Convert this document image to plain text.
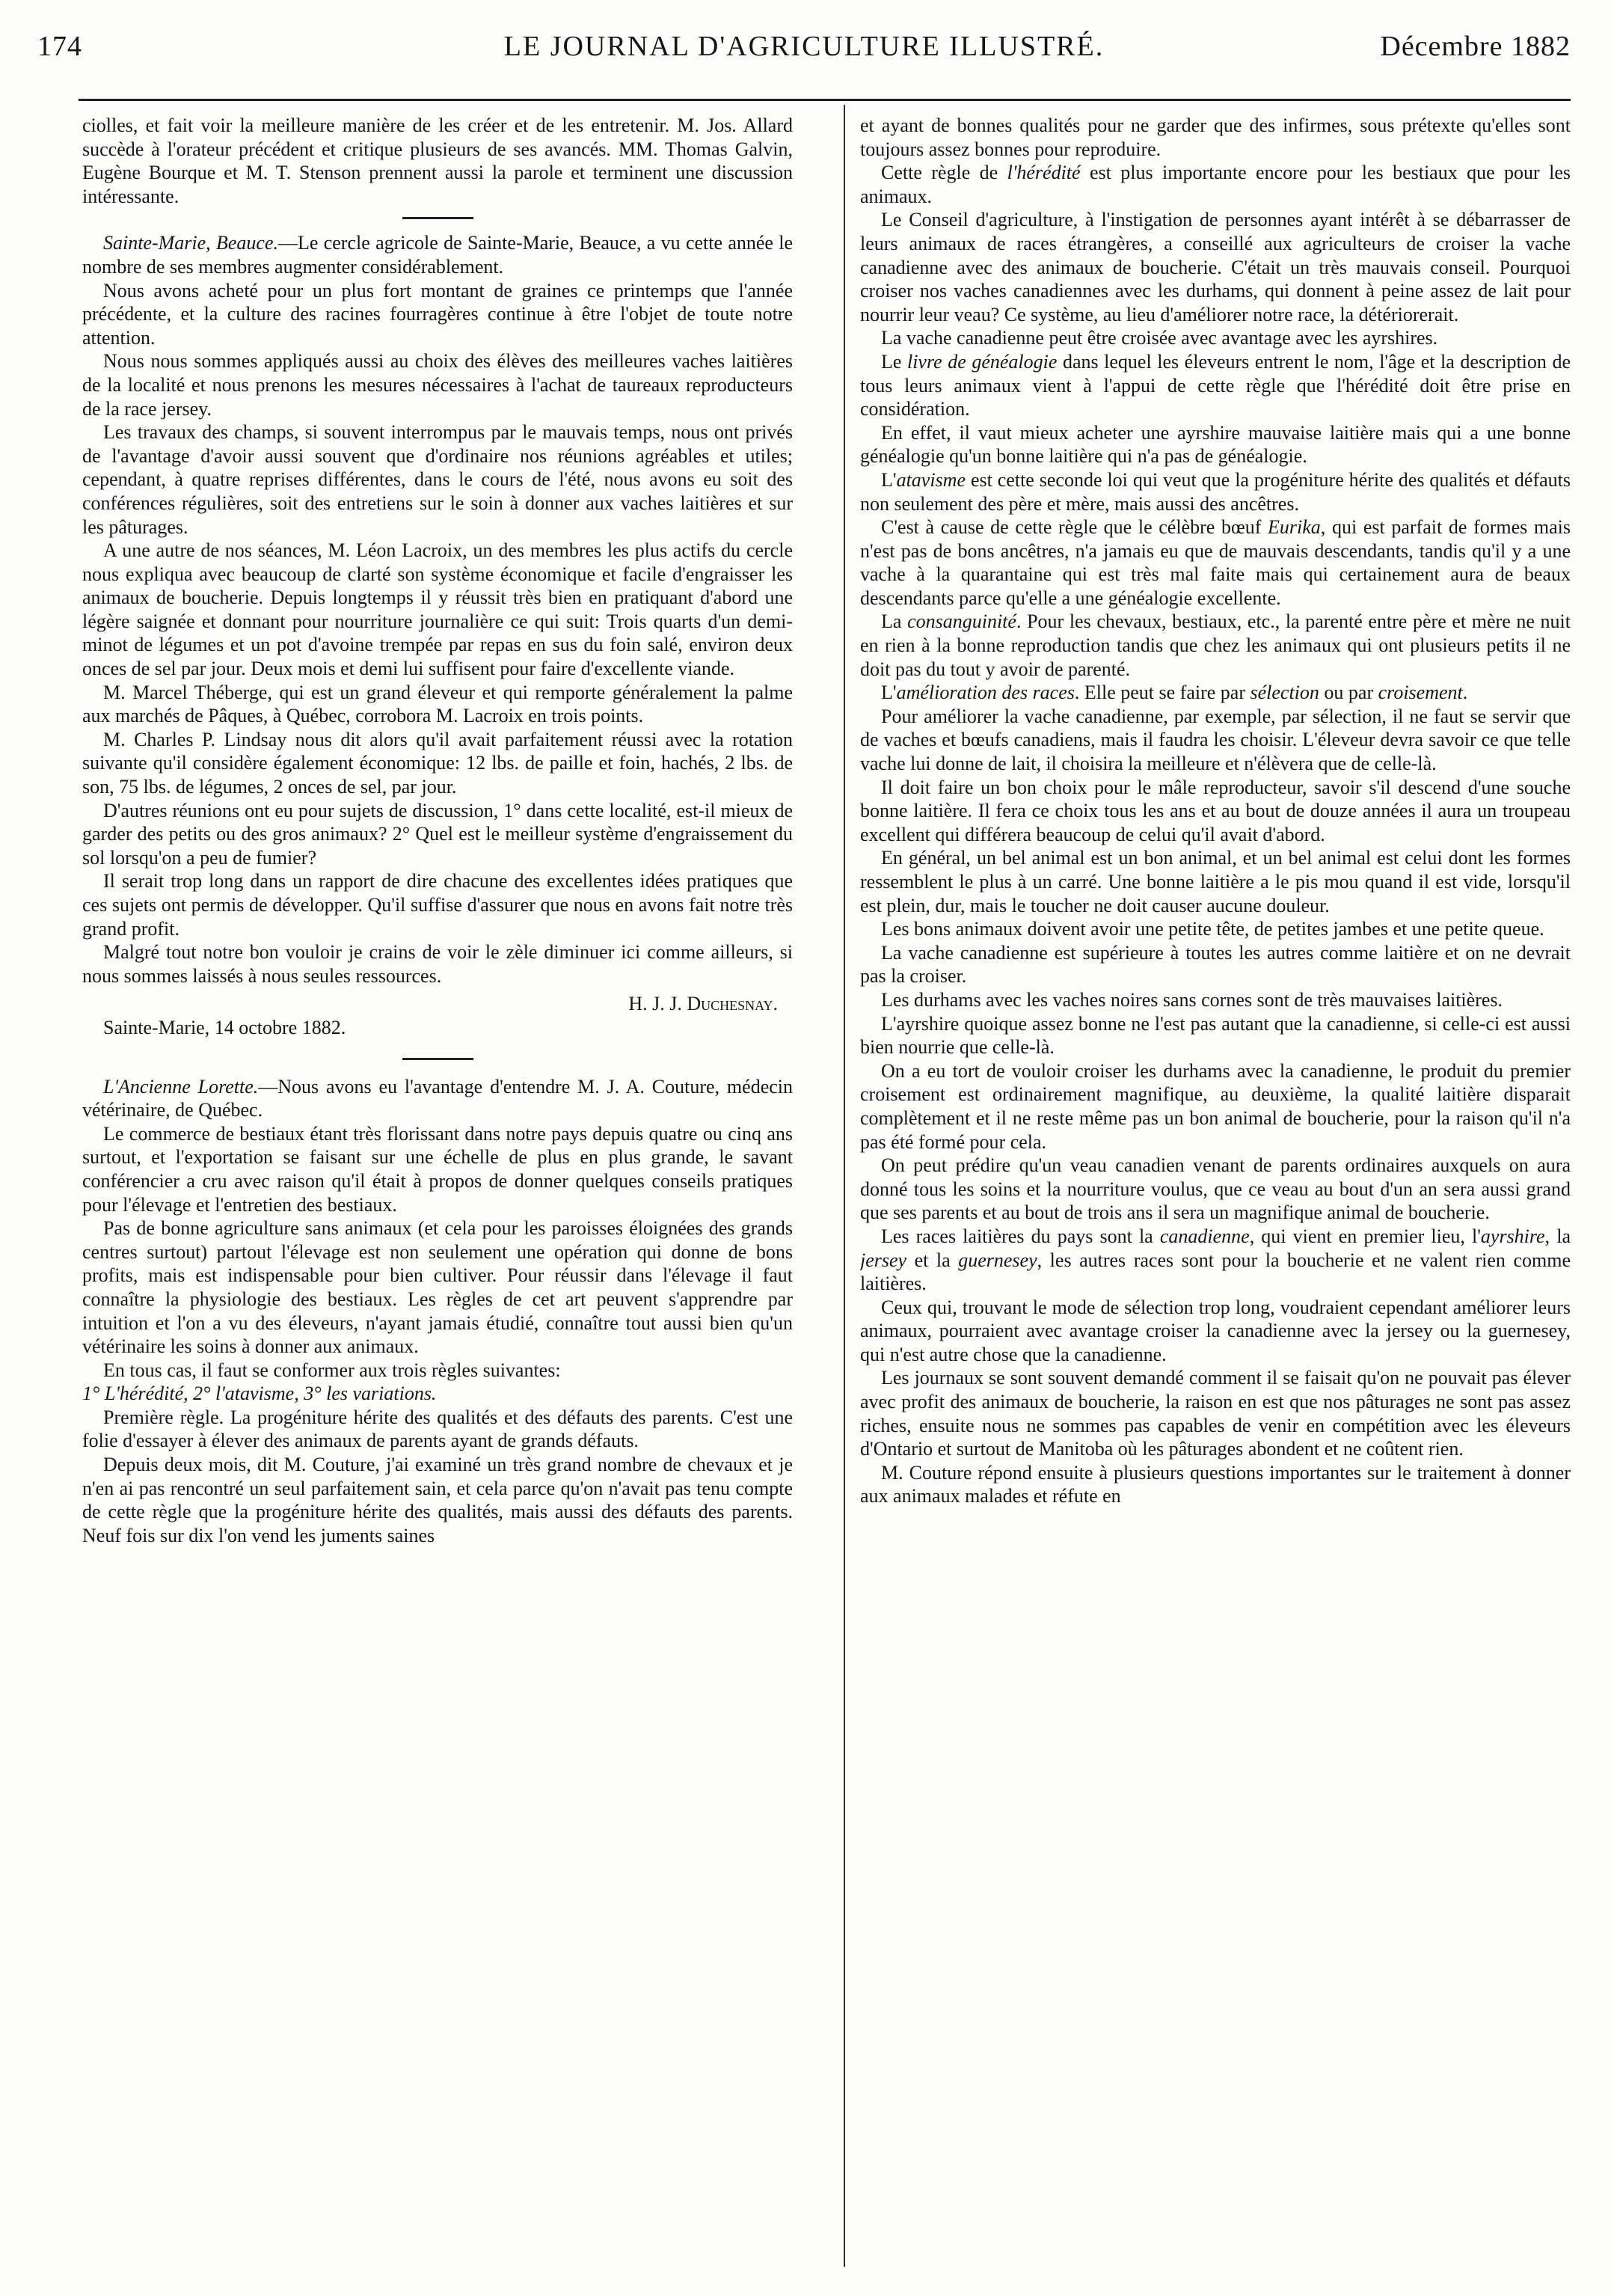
174	LE JOURNAL D'AGRICULTURE ILLUSTRÉ.	Décembre 1882

ciolles, et fait voir la meilleure manière de les créer et de les entretenir. M. Jos. Allard succède à l'orateur précédent et critique plusieurs de ses avancés. MM. Thomas Galvin, Eugène Bourque et M. T. Stenson prennent aussi la parole et terminent une discussion intéressante.

Sainte-Marie, Beauce.—Le cercle agricole de Sainte-Marie, Beauce, a vu cette année le nombre de ses membres augmenter considérablement.

Nous avons acheté pour un plus fort montant de graines ce printemps que l'année précédente, et la culture des racines fourragères continue à être l'objet de toute notre attention.

Nous nous sommes appliqués aussi au choix des élèves des meilleures vaches laitières de la localité et nous prenons les mesures nécessaires à l'achat de taureaux reproducteurs de la race jersey.

Les travaux des champs, si souvent interrompus par le mauvais temps, nous ont privés de l'avantage d'avoir aussi souvent que d'ordinaire nos réunions agréables et utiles; cependant, à quatre reprises différentes, dans le cours de l'été, nous avons eu soit des conférences régulières, soit des entretiens sur le soin à donner aux vaches laitières et sur les pâturages.

A une autre de nos séances, M. Léon Lacroix, un des membres les plus actifs du cercle nous expliqua avec beaucoup de clarté son système économique et facile d'engraisser les animaux de boucherie. Depuis longtemps il y réussit très bien en pratiquant d'abord une légère saignée et donnant pour nourriture journalière ce qui suit: Trois quarts d'un demi-minot de légumes et un pot d'avoine trempée par repas en sus du foin salé, environ deux onces de sel par jour. Deux mois et demi lui suffisent pour faire d'excellente viande.

M. Marcel Théberge, qui est un grand éleveur et qui remporte généralement la palme aux marchés de Pâques, à Québec, corrobora M. Lacroix en trois points.

M. Charles P. Lindsay nous dit alors qu'il avait parfaitement réussi avec la rotation suivante qu'il considère également économique: 12 lbs. de paille et foin, hachés, 2 lbs. de son, 75 lbs. de légumes, 2 onces de sel, par jour.

D'autres réunions ont eu pour sujets de discussion, 1° dans cette localité, est-il mieux de garder des petits ou des gros animaux? 2° Quel est le meilleur système d'engraissement du sol lorsqu'on a peu de fumier?

Il serait trop long dans un rapport de dire chacune des excellentes idées pratiques que ces sujets ont permis de développer. Qu'il suffise d'assurer que nous en avons fait notre très grand profit.

Malgré tout notre bon vouloir je crains de voir le zèle diminuer ici comme ailleurs, si nous sommes laissés à nous seules ressources.

H. J. J. Duchesnay.

Sainte-Marie, 14 octobre 1882.

L'Ancienne Lorette.—Nous avons eu l'avantage d'entendre M. J. A. Couture, médecin vétérinaire, de Québec.

Le commerce de bestiaux étant très florissant dans notre pays depuis quatre ou cinq ans surtout, et l'exportation se faisant sur une échelle de plus en plus grande, le savant conférencier a cru avec raison qu'il était à propos de donner quelques conseils pratiques pour l'élevage et l'entretien des bestiaux.

Pas de bonne agriculture sans animaux (et cela pour les paroisses éloignées des grands centres surtout) partout l'élevage est non seulement une opération qui donne de bons profits, mais est indispensable pour bien cultiver. Pour réussir dans l'élevage il faut connaître la physiologie des bestiaux. Les règles de cet art peuvent s'apprendre par intuition et l'on a vu des éleveurs, n'ayant jamais étudié, connaître tout aussi bien qu'un vétérinaire les soins à donner aux animaux.

En tous cas, il faut se conformer aux trois règles suivantes:

1° L'hérédité, 2° l'atavisme, 3° les variations.

Première règle. La progéniture hérite des qualités et des défauts des parents. C'est une folie d'essayer à élever des animaux de parents ayant de grands défauts.

Depuis deux mois, dit M. Couture, j'ai examiné un très grand nombre de chevaux et je n'en ai pas rencontré un seul parfaitement sain, et cela parce qu'on n'avait pas tenu compte de cette règle que la progéniture hérite des qualités, mais aussi des défauts des parents. Neuf fois sur dix l'on vend les juments saines

et ayant de bonnes qualités pour ne garder que des infirmes, sous prétexte qu'elles sont toujours assez bonnes pour reproduire.

Cette règle de l'hérédité est plus importante encore pour les bestiaux que pour les animaux.

Le Conseil d'agriculture, à l'instigation de personnes ayant intérêt à se débarrasser de leurs animaux de races étrangères, a conseillé aux agriculteurs de croiser la vache canadienne avec des animaux de boucherie. C'était un très mauvais conseil. Pourquoi croiser nos vaches canadiennes avec les durhams, qui donnent à peine assez de lait pour nourrir leur veau? Ce système, au lieu d'améliorer notre race, la détériorerait.

La vache canadienne peut être croisée avec avantage avec les ayrshires.

Le livre de généalogie dans lequel les éleveurs entrent le nom, l'âge et la description de tous leurs animaux vient à l'appui de cette règle que l'hérédité doit être prise en considération.

En effet, il vaut mieux acheter une ayrshire mauvaise laitière mais qui a une bonne généalogie qu'un bonne laitière qui n'a pas de généalogie.

L'atavisme est cette seconde loi qui veut que la progéniture hérite des qualités et défauts non seulement des père et mère, mais aussi des ancêtres.

C'est à cause de cette règle que le célèbre bœuf Eurika, qui est parfait de formes mais n'est pas de bons ancêtres, n'a jamais eu que de mauvais descendants, tandis qu'il y a une vache à la quarantaine qui est très mal faite mais qui certainement aura de beaux descendants parce qu'elle a une généalogie excellente.

La consanguinité. Pour les chevaux, bestiaux, etc., la parenté entre père et mère ne nuit en rien à la bonne reproduction tandis que chez les animaux qui ont plusieurs petits il ne doit pas du tout y avoir de parenté.

L'amélioration des races. Elle peut se faire par sélection ou par croisement.

Pour améliorer la vache canadienne, par exemple, par sélection, il ne faut se servir que de vaches et bœufs canadiens, mais il faudra les choisir. L'éleveur devra savoir ce que telle vache lui donne de lait, il choisira la meilleure et n'élèvera que de celle-là.

Il doit faire un bon choix pour le mâle reproducteur, savoir s'il descend d'une souche bonne laitière. Il fera ce choix tous les ans et au bout de douze années il aura un troupeau excellent qui différera beaucoup de celui qu'il avait d'abord.

En général, un bel animal est un bon animal, et un bel animal est celui dont les formes ressemblent le plus à un carré. Une bonne laitière a le pis mou quand il est vide, lorsqu'il est plein, dur, mais le toucher ne doit causer aucune douleur.

Les bons animaux doivent avoir une petite tête, de petites jambes et une petite queue.

La vache canadienne est supérieure à toutes les autres comme laitière et on ne devrait pas la croiser.

Les durhams avec les vaches noires sans cornes sont de très mauvaises laitières.

L'ayrshire quoique assez bonne ne l'est pas autant que la canadienne, si celle-ci est aussi bien nourrie que celle-là.

On a eu tort de vouloir croiser les durhams avec la canadienne, le produit du premier croisement est ordinairement magnifique, au deuxième, la qualité laitière disparait complètement et il ne reste même pas un bon animal de boucherie, pour la raison qu'il n'a pas été formé pour cela.

On peut prédire qu'un veau canadien venant de parents ordinaires auxquels on aura donné tous les soins et la nourriture voulus, que ce veau au bout d'un an sera aussi grand que ses parents et au bout de trois ans il sera un magnifique animal de boucherie.

Les races laitières du pays sont la canadienne, qui vient en premier lieu, l'ayrshire, la jersey et la guernesey, les autres races sont pour la boucherie et ne valent rien comme laitières.

Ceux qui, trouvant le mode de sélection trop long, voudraient cependant améliorer leurs animaux, pourraient avec avantage croiser la canadienne avec la jersey ou la guernesey, qui n'est autre chose que la canadienne.

Les journaux se sont souvent demandé comment il se faisait qu'on ne pouvait pas élever avec profit des animaux de boucherie, la raison en est que nos pâturages ne sont pas assez riches, ensuite nous ne sommes pas capables de venir en compétition avec les éleveurs d'Ontario et surtout de Manitoba où les pâturages abondent et ne coûtent rien.

M. Couture répond ensuite à plusieurs questions importantes sur le traitement à donner aux animaux malades et réfute en
